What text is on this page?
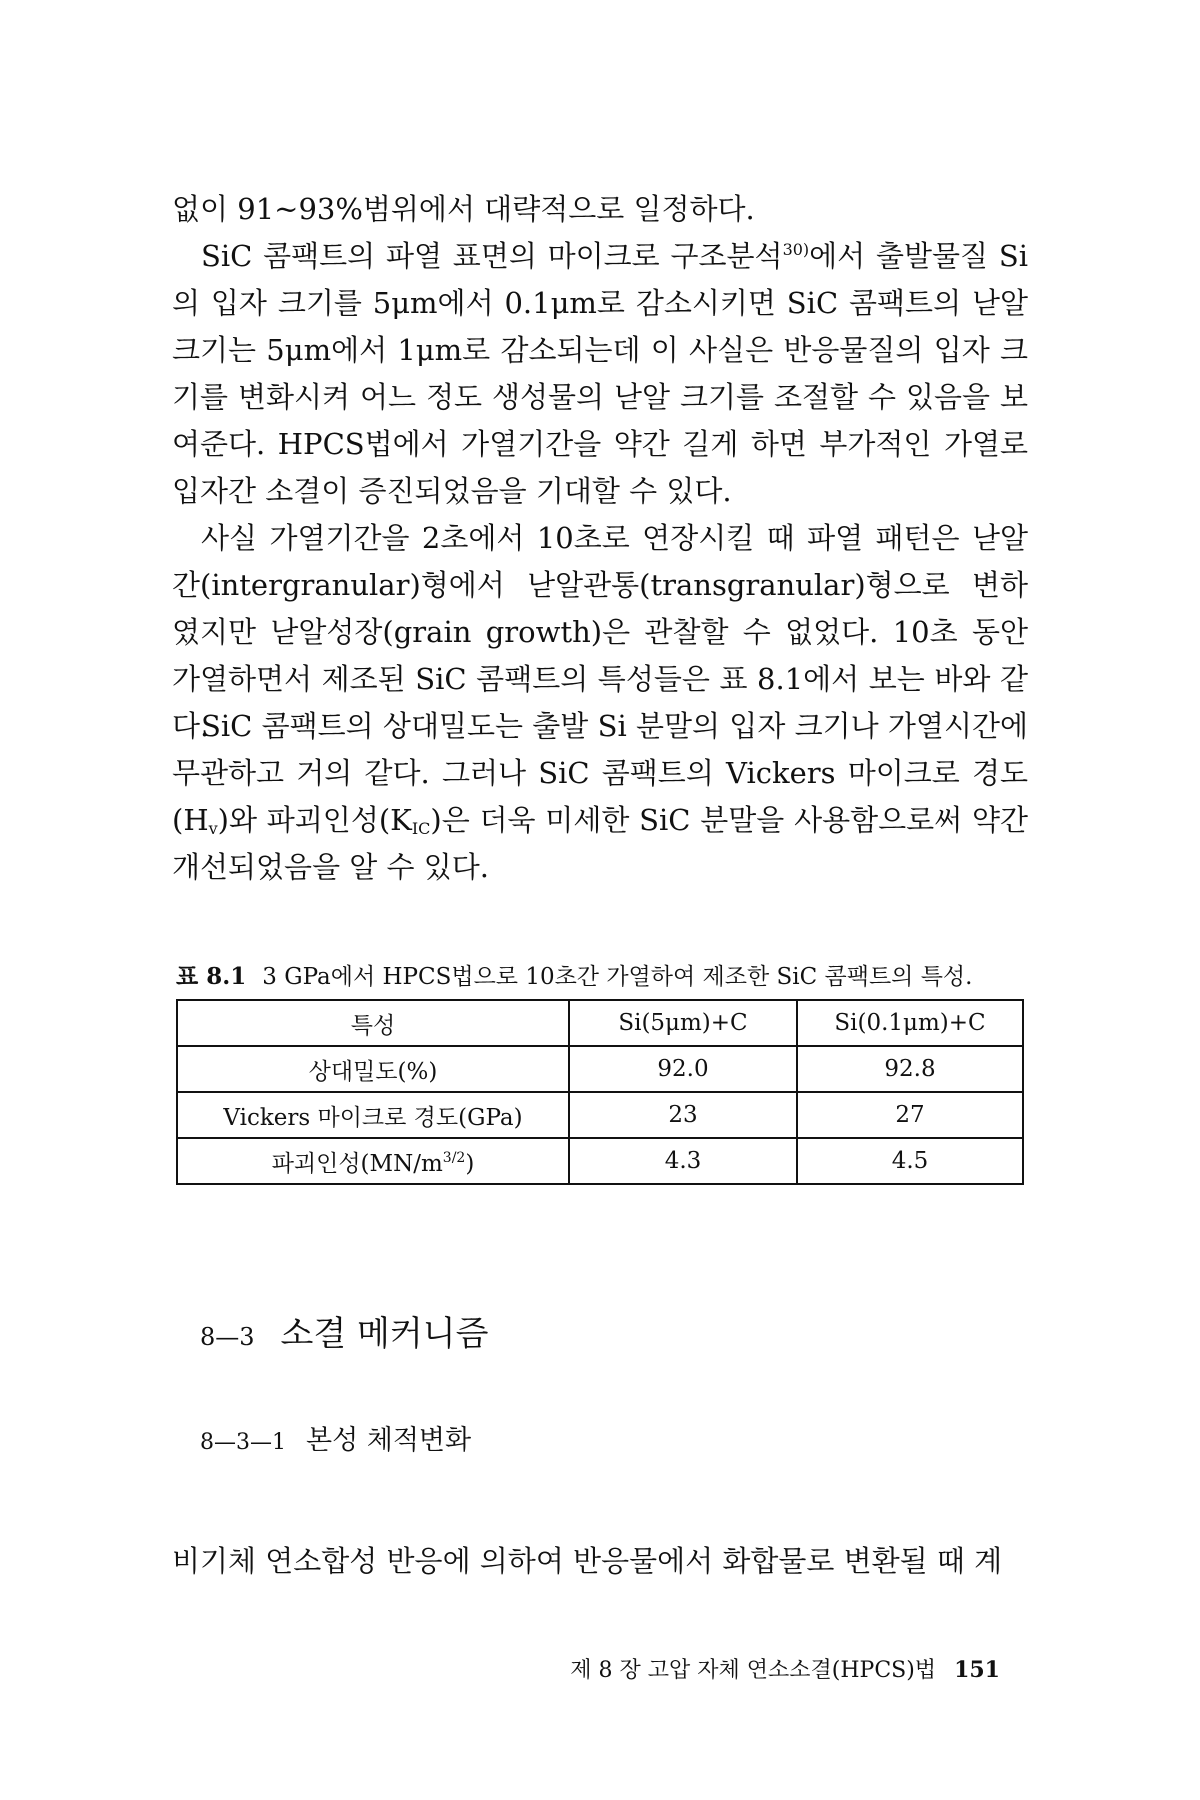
없이 91~93%범위에서 대략적으로 일정하다.

SiC 콤팩트의 파열 표면의 마이크로 구조분석$^{30)}$에서 출발물질 Si의 입자 크기를 5μm에서 0.1μm로 감소시키면 SiC 콤팩트의 낟알 크기는 5μm에서 1μm로 감소되는데 이 사실은 반응물질의 입자 크기를 변화시켜 어느 정도 생성물의 낟알 크기를 조절할 수 있음을 보여준다. HPCS법에서 가열기간을 약간 길게 하면 부가적인 가열로 입자간 소결이 증진되었음을 기대할 수 있다.

사실 가열기간을 2초에서 10초로 연장시킬 때 파열 패턴은 낟알간(intergranular)형에서 낟알관통(transgranular)형으로 변하였지만 낟알성장(grain growth)은 관찰할 수 없었다. 10초 동안 가열하면서 제조된 SiC 콤팩트의 특성들은 표 8.1에서 보는 바와 같다.

SiC 콤팩트의 상대밀도는 출발 Si 분말의 입자 크기나 가열시간에 무관하고 거의 같다. 그러나 SiC 콤팩트의 Vickers 마이크로 경도 $(H_v)$와 파괴인성$(K_{IC})$은 더욱 미세한 SiC 분말을 사용함으로써 약간 개선되었음을 알 수 있다.

표 8.1 3 GPa에서 HPCS법으로 10초간 가열하여 제조한 SiC 콤팩트의 특성.
특성	Si(5μm)+C	Si(0.1μm)+C
상대밀도(%)	92.0	92.8
Vickers 마이크로 경도(GPa)	23	27
파괴인성(MN/m$^{3/2}$)	4.3	4.5
8—3 소결 메커니즘
8—3—1 본성 체적변화

비기체 연소합성 반응에 의하여 반응물에서 화합물로 변환될 때 계

제 8 장 고압 자체 연소소결(HPCS)법 151
